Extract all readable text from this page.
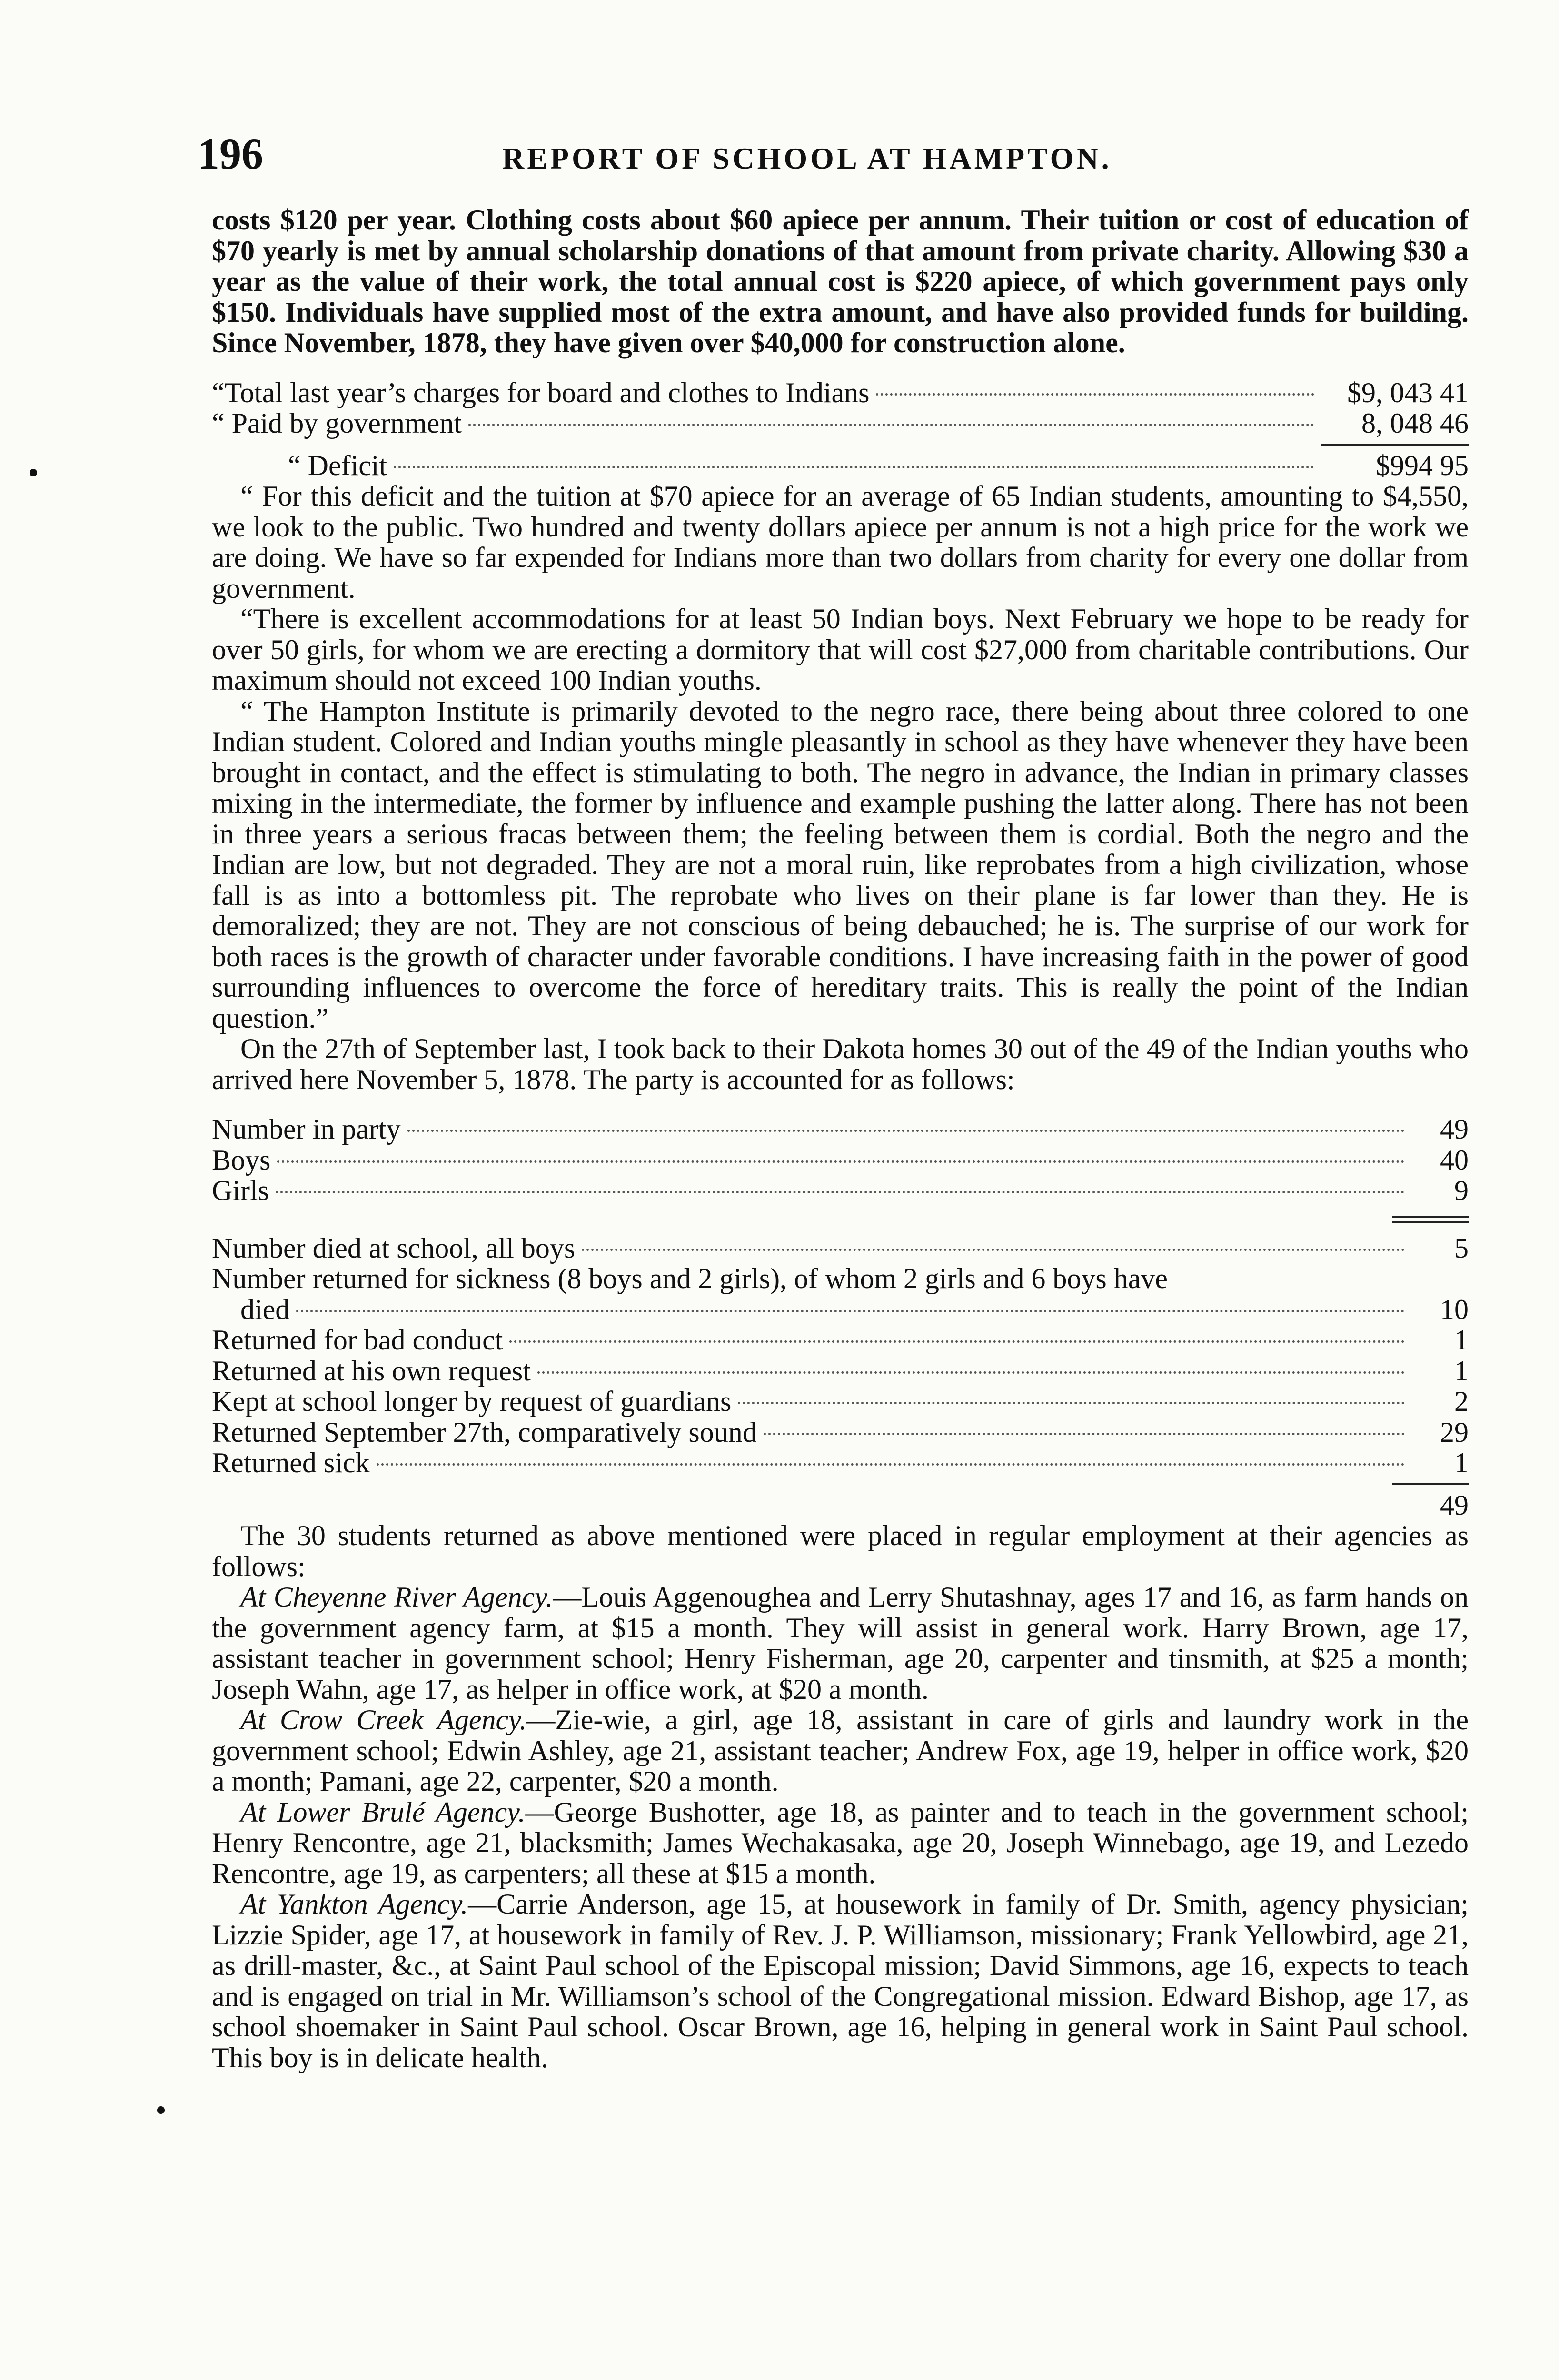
196	REPORT OF SCHOOL AT HAMPTON.

costs $120 per year. Clothing costs about $60 apiece per annum. Their tuition or cost of education of $70 yearly is met by annual scholarship donations of that amount from private charity. Allowing $30 a year as the value of their work, the total annual cost is $220 apiece, of which government pays only $150. Individuals have supplied most of the extra amount, and have also provided funds for building. Since November, 1878, they have given over $40,000 for construction alone.

“Total last year’s charges for board and clothes to Indians	$9, 043 41
“ Paid by government	8, 048 46
“ Deficit	$994 95

“ For this deficit and the tuition at $70 apiece for an average of 65 Indian students, amounting to $4,550, we look to the public. Two hundred and twenty dollars apiece per annum is not a high price for the work we are doing. We have so far expended for Indians more than two dollars from charity for every one dollar from government.

“There is excellent accommodations for at least 50 Indian boys. Next February we hope to be ready for over 50 girls, for whom we are erecting a dormitory that will cost $27,000 from charitable contributions. Our maximum should not exceed 100 Indian youths.

“ The Hampton Institute is primarily devoted to the negro race, there being about three colored to one Indian student. Colored and Indian youths mingle pleasantly in school as they have whenever they have been brought in contact, and the effect is stimulating to both. The negro in advance, the Indian in primary classes mixing in the intermediate, the former by influence and example pushing the latter along. There has not been in three years a serious fracas between them; the feeling between them is cordial. Both the negro and the Indian are low, but not degraded. They are not a moral ruin, like reprobates from a high civilization, whose fall is as into a bottomless pit. The reprobate who lives on their plane is far lower than they. He is demoralized; they are not. They are not conscious of being debauched; he is. The surprise of our work for both races is the growth of character under favorable conditions. I have increasing faith in the power of good surrounding influences to overcome the force of hereditary traits. This is really the point of the Indian question.”

On the 27th of September last, I took back to their Dakota homes 30 out of the 49 of the Indian youths who arrived here November 5, 1878. The party is accounted for as follows:

Number in party	49
Boys	40
Girls	9
Number died at school, all boys	5
Number returned for sickness (8 boys and 2 girls), of whom 2 girls and 6 boys have
died	10
Returned for bad conduct	1
Returned at his own request	1
Kept at school longer by request of guardians	2
Returned September 27th, comparatively sound	29
Returned sick	1
49

The 30 students returned as above mentioned were placed in regular employment at their agencies as follows:

At Cheyenne River Agency.—Louis Aggenoughea and Lerry Shutashnay, ages 17 and 16, as farm hands on the government agency farm, at $15 a month. They will assist in general work. Harry Brown, age 17, assistant teacher in government school; Henry Fisherman, age 20, carpenter and tinsmith, at $25 a month; Joseph Wahn, age 17, as helper in office work, at $20 a month.

At Crow Creek Agency.—Zie-wie, a girl, age 18, assistant in care of girls and laundry work in the government school; Edwin Ashley, age 21, assistant teacher; Andrew Fox, age 19, helper in office work, $20 a month; Pamani, age 22, carpenter, $20 a month.

At Lower Brulé Agency.—George Bushotter, age 18, as painter and to teach in the government school; Henry Rencontre, age 21, blacksmith; James Wechakasaka, age 20, Joseph Winnebago, age 19, and Lezedo Rencontre, age 19, as carpenters; all these at $15 a month.

At Yankton Agency.—Carrie Anderson, age 15, at housework in family of Dr. Smith, agency physician; Lizzie Spider, age 17, at housework in family of Rev. J. P. Williamson, missionary; Frank Yellowbird, age 21, as drill-master, &c., at Saint Paul school of the Episcopal mission; David Simmons, age 16, expects to teach and is engaged on trial in Mr. Williamson’s school of the Congregational mission. Edward Bishop, age 17, as school shoemaker in Saint Paul school. Oscar Brown, age 16, helping in general work in Saint Paul school. This boy is in delicate health.
